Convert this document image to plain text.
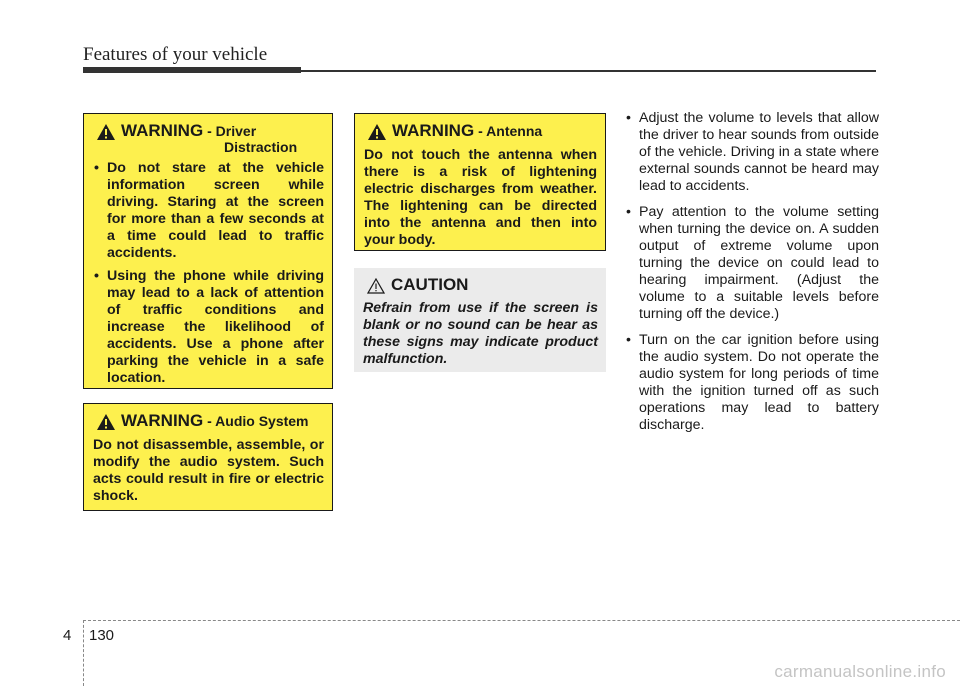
Features of your vehicle
WARNING - Driver
Distraction
• Do not stare at the vehicle information screen while driving. Staring at the screen for more than a few seconds at a time could lead to traffic accidents.
• Using the phone while driving may lead to a lack of attention of traffic conditions and increase the likelihood of accidents. Use a phone after parking the vehicle in a safe location.
WARNING - Audio System
Do not disassemble, assemble, or modify the audio system. Such acts could result in fire or electric shock.
WARNING - Antenna
Do not touch the antenna when there is a risk of lightening electric discharges from weather. The lightening can be directed into the antenna and then into your body.
CAUTION
Refrain from use if the screen is blank or no sound can be hear as these signs may indicate product malfunction.
• Adjust the volume to levels that allow the driver to hear sounds from outside of the vehicle. Driving in a state where external sounds cannot be heard may lead to accidents.
• Pay attention to the volume setting when turning the device on. A sudden output of extreme volume upon turning the device on could lead to hearing impairment. (Adjust the volume to a suitable levels before turning off the device.)
• Turn on the car ignition before using the audio system. Do not operate the audio system for long periods of time with the ignition turned off as such operations may lead to battery discharge.
4 130
carmanualsonline.info
